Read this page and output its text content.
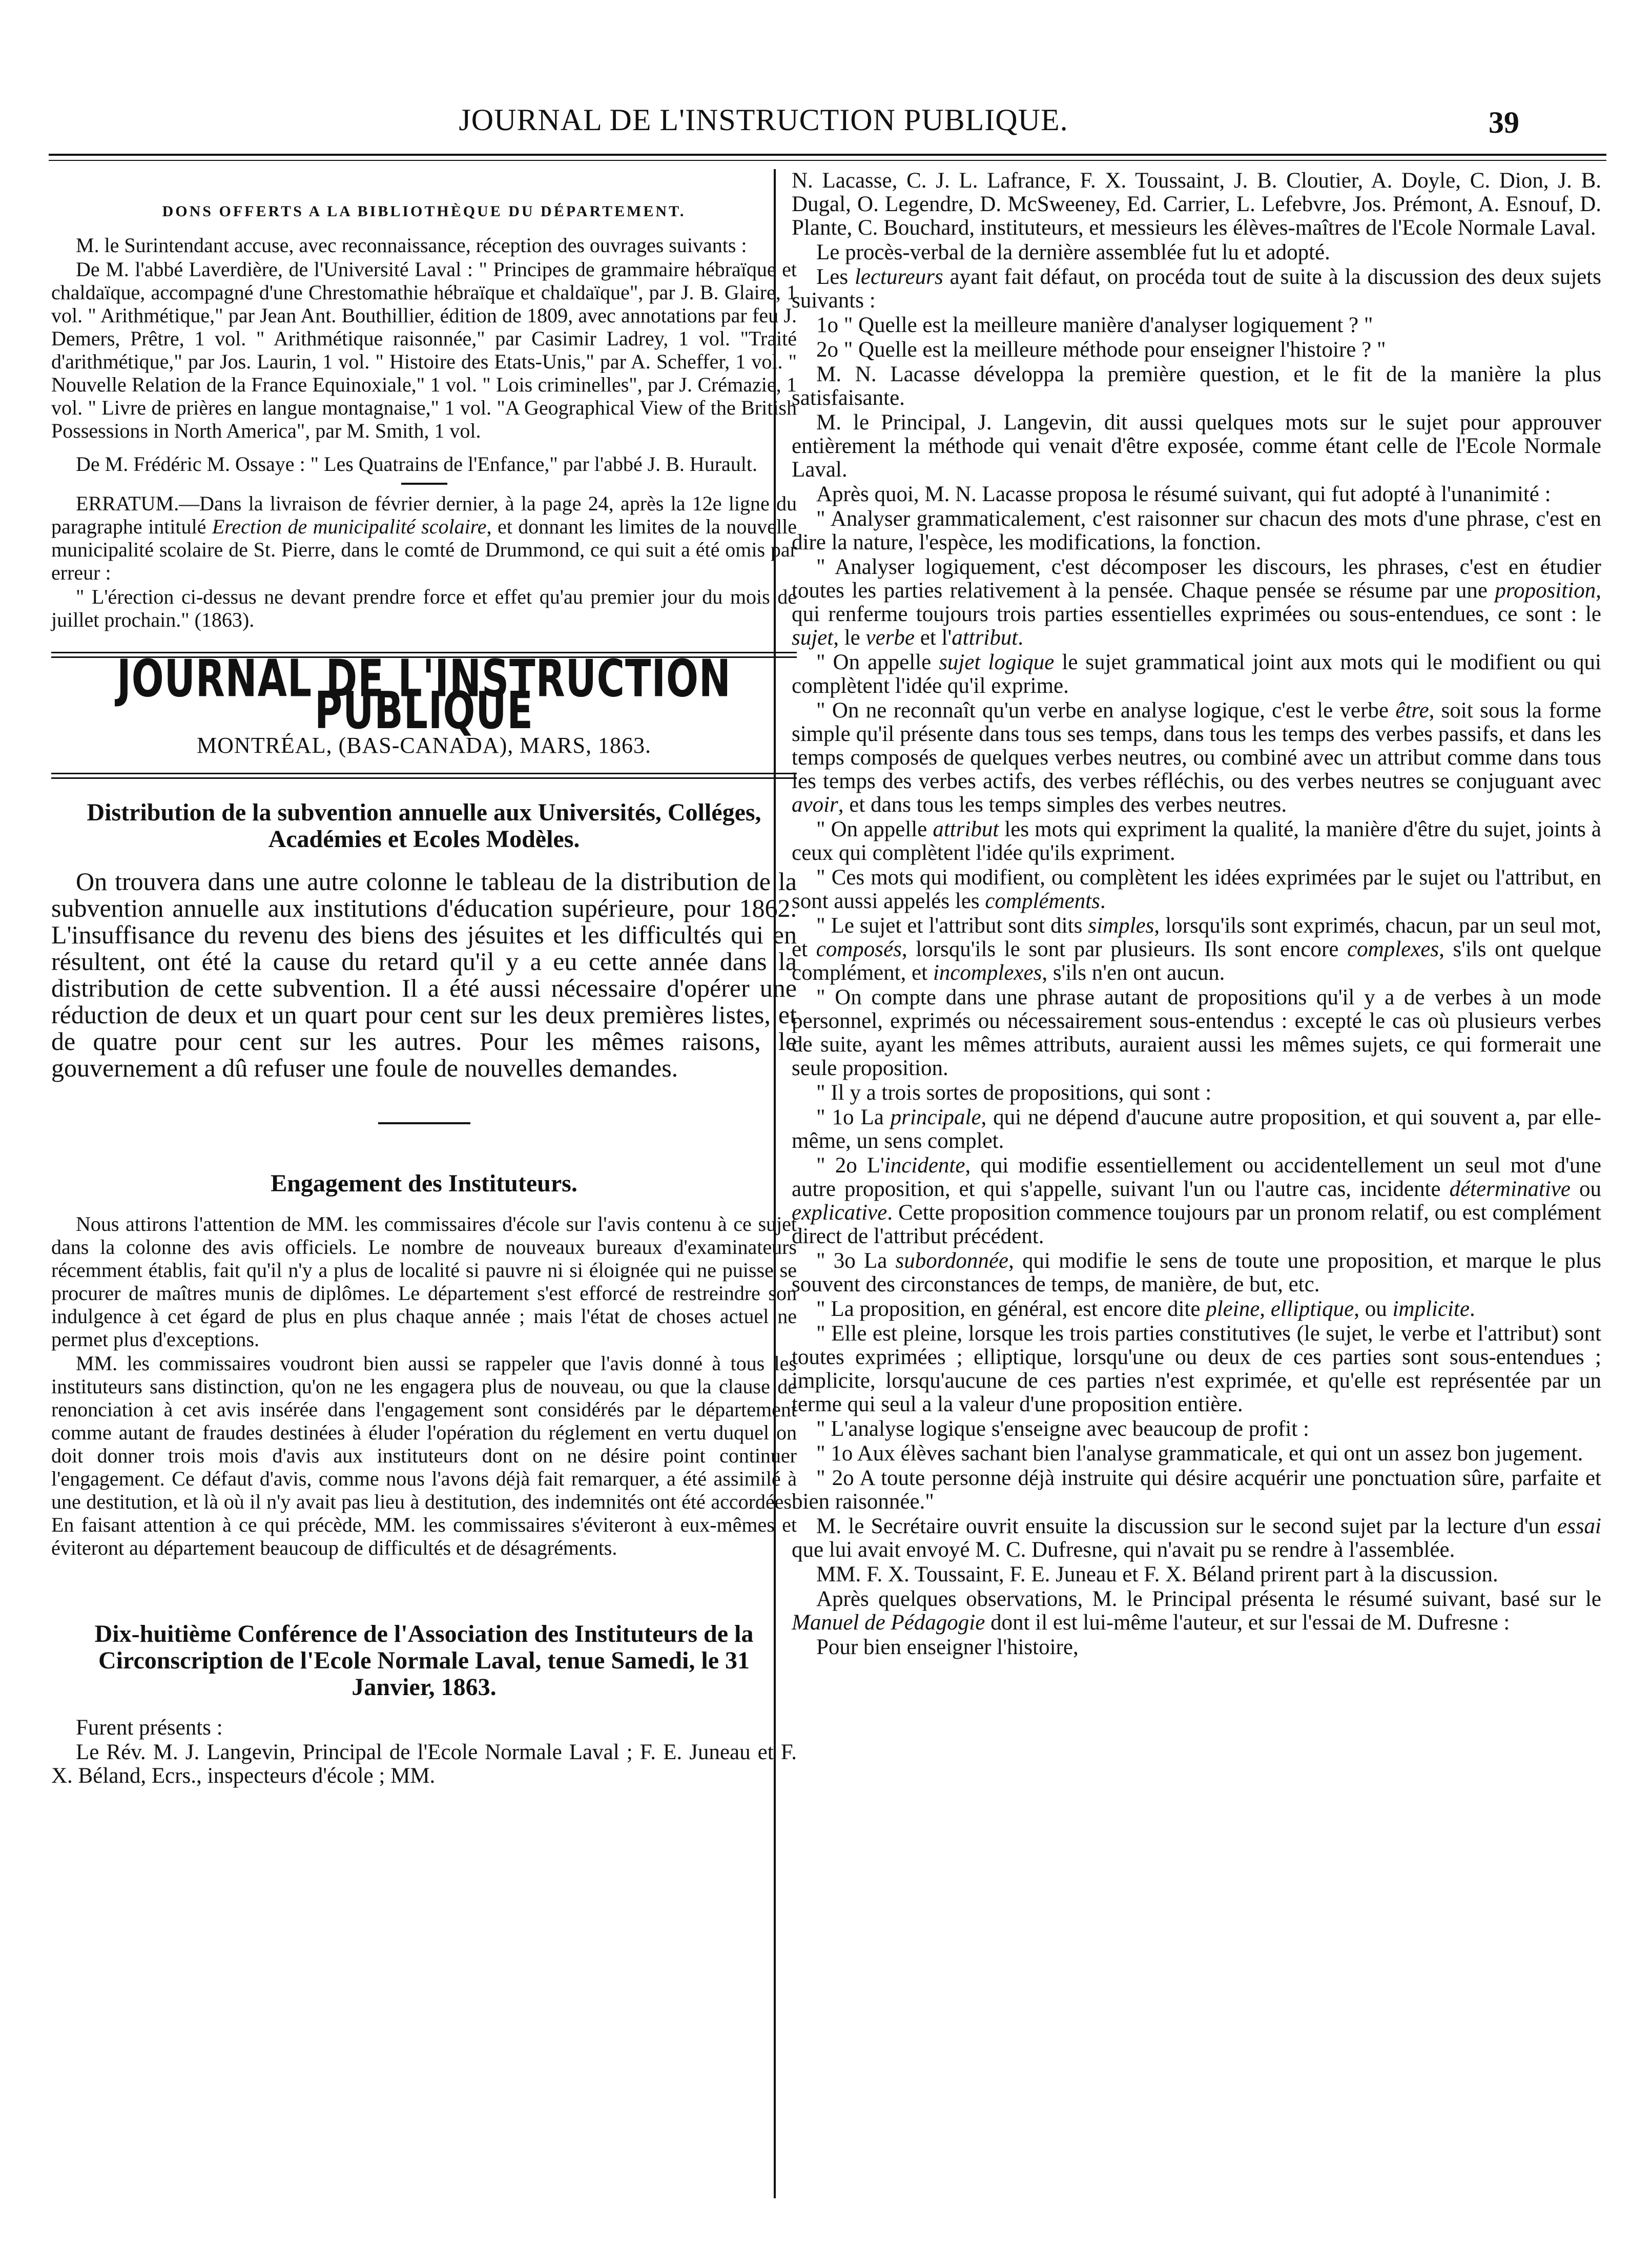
JOURNAL DE L'INSTRUCTION PUBLIQUE.	39
DONS OFFERTS A LA BIBLIOTHÈQUE DU DÉPARTEMENT.

M. le Surintendant accuse, avec reconnaissance, réception des ouvrages suivants :

De M. l'abbé Laverdière, de l'Université Laval : " Principes de grammaire hébraïque et chaldaïque, accompagné d'une Chrestomathie hébraïque et chaldaïque", par J. B. Glaire, 1 vol. " Arithmétique," par Jean Ant. Bouthillier, édition de 1809, avec annotations par feu J. Demers, Prêtre, 1 vol. " Arithmétique raisonnée," par Casimir Ladrey, 1 vol. "Traité d'arithmétique," par Jos. Laurin, 1 vol. " Histoire des Etats-Unis," par A. Scheffer, 1 vol. " Nouvelle Relation de la France Equinoxiale," 1 vol. " Lois criminelles", par J. Crémazie, 1 vol. " Livre de prières en langue montagnaise," 1 vol. "A Geographical View of the British Possessions in North America", par M. Smith, 1 vol.

De M. Frédéric M. Ossaye : " Les Quatrains de l'Enfance," par l'abbé J. B. Hurault.

ERRATUM.—Dans la livraison de février dernier, à la page 24, après la 12e ligne du paragraphe intitulé Erection de municipalité scolaire, et donnant les limites de la nouvelle municipalité scolaire de St. Pierre, dans le comté de Drummond, ce qui suit a été omis par erreur :

" L'érection ci-dessus ne devant prendre force et effet qu'au premier jour du mois de juillet prochain." (1863).

JOURNAL DE L'INSTRUCTION PUBLIQUE
MONTRÉAL, (BAS-CANADA), MARS, 1863.
Distribution de la subvention annuelle aux Universités, Colléges, Académies et Ecoles Modèles.

On trouvera dans une autre colonne le tableau de la distribution de la subvention annuelle aux institutions d'éducation supérieure, pour 1862. L'insuffisance du revenu des biens des jésuites et les difficultés qui en résultent, ont été la cause du retard qu'il y a eu cette année dans la distribution de cette subvention. Il a été aussi nécessaire d'opérer une réduction de deux et un quart pour cent sur les deux premières listes, et de quatre pour cent sur les autres. Pour les mêmes raisons, le gouvernement a dû refuser une foule de nouvelles demandes.

Engagement des Instituteurs.

Nous attirons l'attention de MM. les commissaires d'école sur l'avis contenu à ce sujet dans la colonne des avis officiels. Le nombre de nouveaux bureaux d'examinateurs récemment établis, fait qu'il n'y a plus de localité si pauvre ni si éloignée qui ne puisse se procurer de maîtres munis de diplômes. Le département s'est efforcé de restreindre son indulgence à cet égard de plus en plus chaque année ; mais l'état de choses actuel ne permet plus d'exceptions.

MM. les commissaires voudront bien aussi se rappeler que l'avis donné à tous les instituteurs sans distinction, qu'on ne les engagera plus de nouveau, ou que la clause de renonciation à cet avis insérée dans l'engagement sont considérés par le département comme autant de fraudes destinées à éluder l'opération du réglement en vertu duquel on doit donner trois mois d'avis aux instituteurs dont on ne désire point continuer l'engagement. Ce défaut d'avis, comme nous l'avons déjà fait remarquer, a été assimilé à une destitution, et là où il n'y avait pas lieu à destitution, des indemnités ont été accordées. En faisant attention à ce qui précède, MM. les commissaires s'éviteront à eux-mêmes et éviteront au département beaucoup de difficultés et de désagréments.

Dix-huitième Conférence de l'Association des Instituteurs de la Circonscription de l'Ecole Normale Laval, tenue Samedi, le 31 Janvier, 1863.

Furent présents :

Le Rév. M. J. Langevin, Principal de l'Ecole Normale Laval ; F. E. Juneau et F. X. Béland, Ecrs., inspecteurs d'école ; MM.

N. Lacasse, C. J. L. Lafrance, F. X. Toussaint, J. B. Cloutier, A. Doyle, C. Dion, J. B. Dugal, O. Legendre, D. McSweeney, Ed. Carrier, L. Lefebvre, Jos. Prémont, A. Esnouf, D. Plante, C. Bouchard, instituteurs, et messieurs les élèves-maîtres de l'Ecole Normale Laval.

Le procès-verbal de la dernière assemblée fut lu et adopté.

Les lectureurs ayant fait défaut, on procéda tout de suite à la discussion des deux sujets suivants :

1o " Quelle est la meilleure manière d'analyser logiquement ? "

2o " Quelle est la meilleure méthode pour enseigner l'histoire ? "

M. N. Lacasse développa la première question, et le fit de la manière la plus satisfaisante.

M. le Principal, J. Langevin, dit aussi quelques mots sur le sujet pour approuver entièrement la méthode qui venait d'être exposée, comme étant celle de l'Ecole Normale Laval.

Après quoi, M. N. Lacasse proposa le résumé suivant, qui fut adopté à l'unanimité :

" Analyser grammaticalement, c'est raisonner sur chacun des mots d'une phrase, c'est en dire la nature, l'espèce, les modifications, la fonction.

" Analyser logiquement, c'est décomposer les discours, les phrases, c'est en étudier toutes les parties relativement à la pensée. Chaque pensée se résume par une proposition, qui renferme toujours trois parties essentielles exprimées ou sous-entendues, ce sont : le sujet, le verbe et l'attribut.

" On appelle sujet logique le sujet grammatical joint aux mots qui le modifient ou qui complètent l'idée qu'il exprime.

" On ne reconnaît qu'un verbe en analyse logique, c'est le verbe être, soit sous la forme simple qu'il présente dans tous ses temps, dans tous les temps des verbes passifs, et dans les temps composés de quelques verbes neutres, ou combiné avec un attribut comme dans tous les temps des verbes actifs, des verbes réfléchis, ou des verbes neutres se conjuguant avec avoir, et dans tous les temps simples des verbes neutres.

" On appelle attribut les mots qui expriment la qualité, la manière d'être du sujet, joints à ceux qui complètent l'idée qu'ils expriment.

" Ces mots qui modifient, ou complètent les idées exprimées par le sujet ou l'attribut, en sont aussi appelés les compléments.

" Le sujet et l'attribut sont dits simples, lorsqu'ils sont exprimés, chacun, par un seul mot, et composés, lorsqu'ils le sont par plusieurs. Ils sont encore complexes, s'ils ont quelque complément, et incomplexes, s'ils n'en ont aucun.

" On compte dans une phrase autant de propositions qu'il y a de verbes à un mode personnel, exprimés ou nécessairement sous-entendus : excepté le cas où plusieurs verbes de suite, ayant les mêmes attributs, auraient aussi les mêmes sujets, ce qui formerait une seule proposition.

" Il y a trois sortes de propositions, qui sont :

" 1o La principale, qui ne dépend d'aucune autre proposition, et qui souvent a, par elle-même, un sens complet.

" 2o L'incidente, qui modifie essentiellement ou accidentellement un seul mot d'une autre proposition, et qui s'appelle, suivant l'un ou l'autre cas, incidente déterminative ou explicative. Cette proposition commence toujours par un pronom relatif, ou est complément direct de l'attribut précédent.

" 3o La subordonnée, qui modifie le sens de toute une proposition, et marque le plus souvent des circonstances de temps, de manière, de but, etc.

" La proposition, en général, est encore dite pleine, elliptique, ou implicite.

" Elle est pleine, lorsque les trois parties constitutives (le sujet, le verbe et l'attribut) sont toutes exprimées ; elliptique, lorsqu'une ou deux de ces parties sont sous-entendues ; implicite, lorsqu'aucune de ces parties n'est exprimée, et qu'elle est représentée par un terme qui seul a la valeur d'une proposition entière.

" L'analyse logique s'enseigne avec beaucoup de profit :

" 1o Aux élèves sachant bien l'analyse grammaticale, et qui ont un assez bon jugement.

" 2o A toute personne déjà instruite qui désire acquérir une ponctuation sûre, parfaite et bien raisonnée."

M. le Secrétaire ouvrit ensuite la discussion sur le second sujet par la lecture d'un essai que lui avait envoyé M. C. Dufresne, qui n'avait pu se rendre à l'assemblée.

MM. F. X. Toussaint, F. E. Juneau et F. X. Béland prirent part à la discussion.

Après quelques observations, M. le Principal présenta le résumé suivant, basé sur le Manuel de Pédagogie dont il est lui-même l'auteur, et sur l'essai de M. Dufresne :

Pour bien enseigner l'histoire,
